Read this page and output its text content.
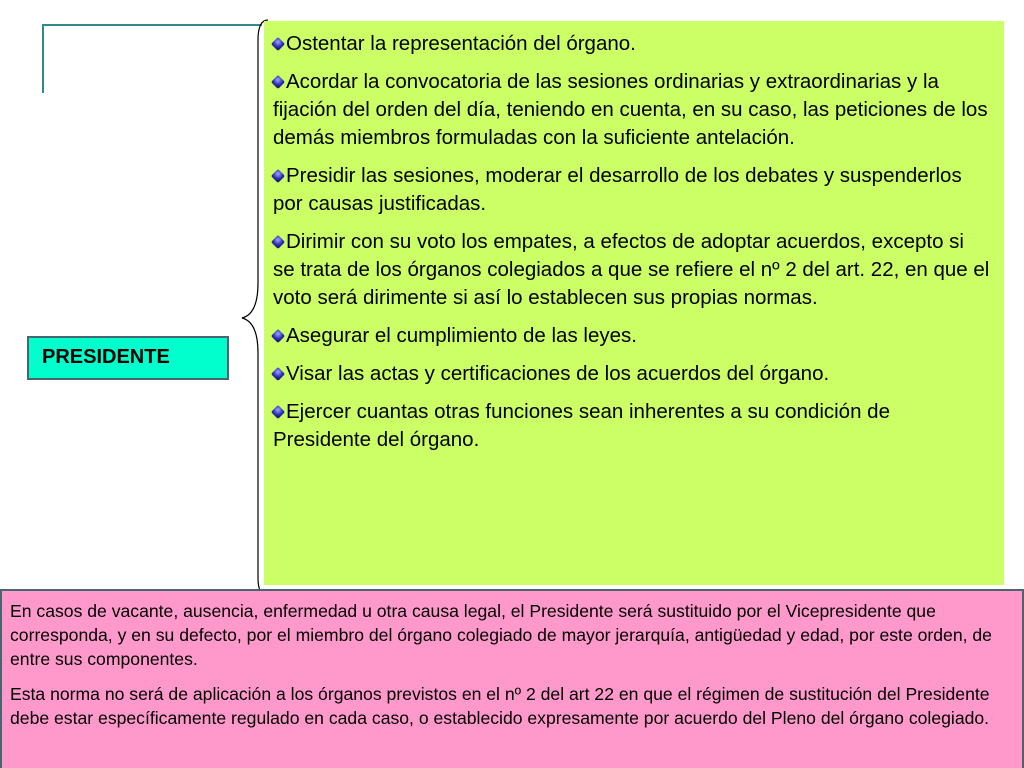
PRESIDENTE

Ostentar la representación del órgano.

Acordar la convocatoria de las sesiones ordinarias y extraordinarias y la fijación del orden del día, teniendo en cuenta, en su caso, las peticiones de los demás miembros formuladas con la suficiente antelación.

Presidir las sesiones, moderar el desarrollo de los debates y suspenderlos por causas justificadas.

Dirimir con su voto los empates, a efectos de adoptar acuerdos, excepto si se trata de los órganos colegiados a que se refiere el nº 2 del art. 22, en que el voto será dirimente si así lo establecen sus propias normas.

Asegurar el cumplimiento de las leyes.

Visar las actas y certificaciones de los acuerdos del órgano.

Ejercer cuantas otras funciones sean inherentes a su condición de Presidente del órgano.

En casos de vacante, ausencia, enfermedad u otra causa legal, el Presidente será sustituido por el Vicepresidente que corresponda, y en su defecto, por el miembro del órgano colegiado de mayor jerarquía, antigüedad y edad, por este orden, de entre sus componentes.

Esta norma no será de aplicación a los órganos previstos en el nº 2 del art 22 en que el régimen de sustitución del Presidente debe estar específicamente regulado en cada caso, o establecido expresamente por acuerdo del Pleno del órgano colegiado.
